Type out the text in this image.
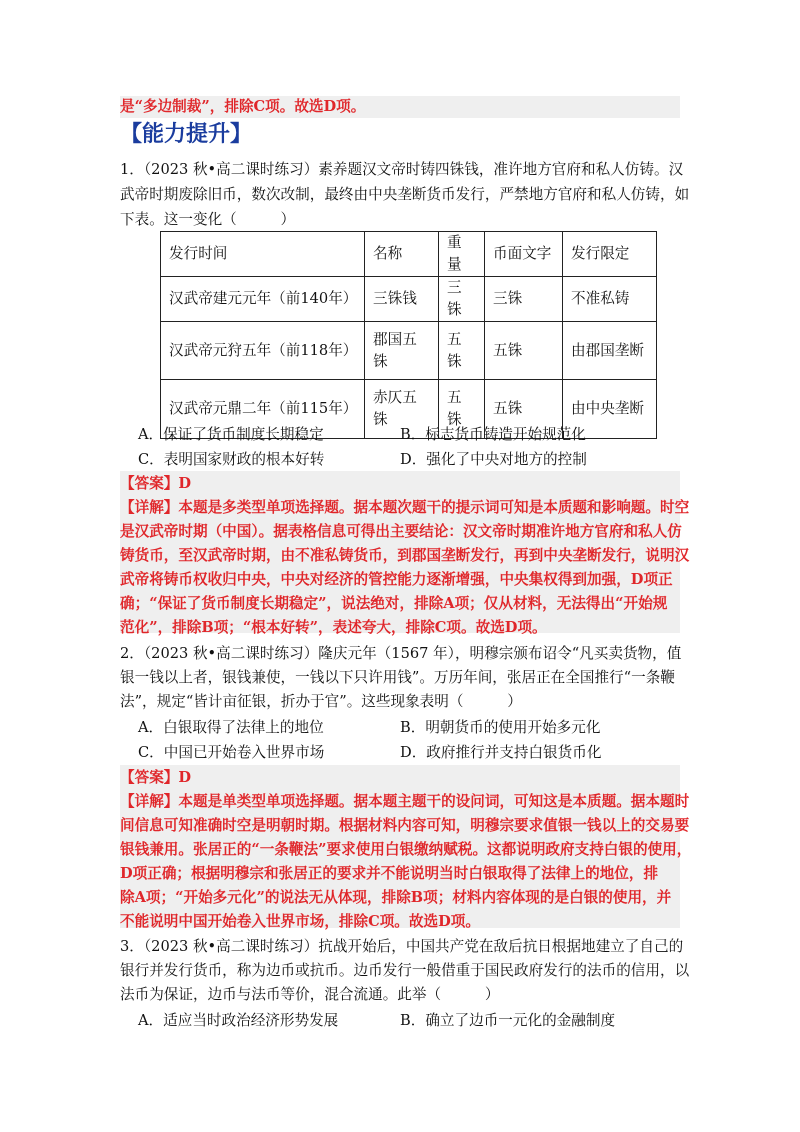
是“多边制裁”，排除C项。故选D项。
【能力提升】
1．（2023 秋•高二课时练习）素养题汉文帝时铸四铢钱，准许地方官府和私人仿铸。汉
武帝时期废除旧币，数次改制，最终由中央垄断货币发行，严禁地方官府和私人仿铸，如
下表。这一变化（　　　）
发行时间	名称	重量	币面文字	发行限定
汉武帝建元元年（前140年）	三铢钱	三铢	三铢	不准私铸
汉武帝元狩五年（前118年）	郡国五铢	五铢	五铢	由郡国垄断
汉武帝元鼎二年（前115年）	赤仄五铢	五铢	五铢	由中央垄断
A．保证了货币制度长期稳定	B．标志货币铸造开始规范化
C．表明国家财政的根本好转	D．强化了中央对地方的控制
【答案】D
【详解】本题是多类型单项选择题。据本题次题干的提示词可知是本质题和影响题。时空
是汉武帝时期（中国）。据表格信息可得出主要结论：汉文帝时期准许地方官府和私人仿
铸货币，至汉武帝时期，由不准私铸货币，到郡国垄断发行，再到中央垄断发行，说明汉
武帝将铸币权收归中央，中央对经济的管控能力逐渐增强，中央集权得到加强，D项正
确；“保证了货币制度长期稳定”，说法绝对，排除A项；仅从材料，无法得出“开始规
范化”，排除B项；“根本好转”，表述夸大，排除C项。故选D项。
2．（2023 秋•高二课时练习）隆庆元年（1567 年），明穆宗颁布诏令“凡买卖货物，值
银一钱以上者，银钱兼使，一钱以下只许用钱”。万历年间，张居正在全国推行“一条鞭
法”，规定“皆计亩征银，折办于官”。这些现象表明（　　　）
A．白银取得了法律上的地位	B．明朝货币的使用开始多元化
C．中国已开始卷入世界市场	D．政府推行并支持白银货币化
【答案】D
【详解】本题是单类型单项选择题。据本题主题干的设问词，可知这是本质题。据本题时
间信息可知准确时空是明朝时期。根据材料内容可知，明穆宗要求值银一钱以上的交易要
银钱兼用。张居正的“一条鞭法”要求使用白银缴纳赋税。这都说明政府支持白银的使用，
D项正确；根据明穆宗和张居正的要求并不能说明当时白银取得了法律上的地位，排
除A项；“开始多元化”的说法无从体现，排除B项；材料内容体现的是白银的使用，并
不能说明中国开始卷入世界市场，排除C项。故选D项。
3．（2023 秋•高二课时练习）抗战开始后，中国共产党在敌后抗日根据地建立了自己的
银行并发行货币，称为边币或抗币。边币发行一般借重于国民政府发行的法币的信用，以
法币为保证，边币与法币等价，混合流通。此举（　　　）
A．适应当时政治经济形势发展	B．确立了边币一元化的金融制度
